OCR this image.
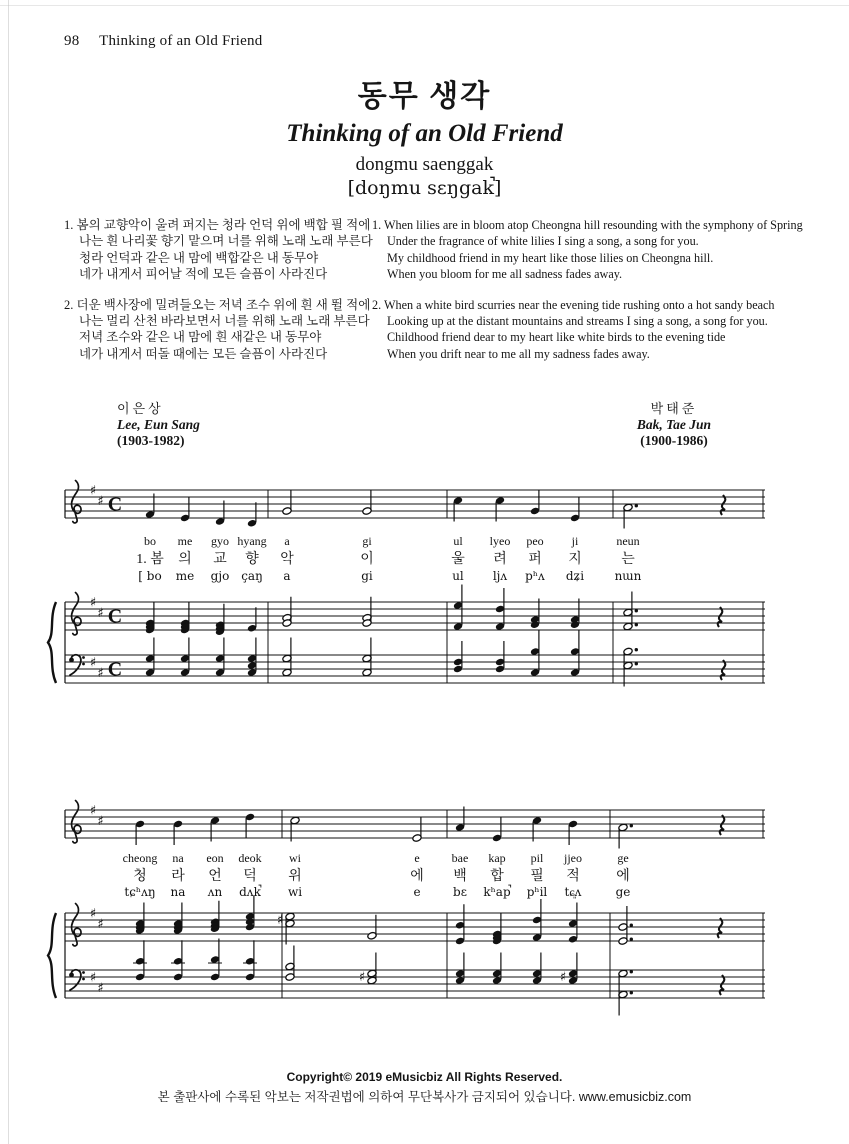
98 Thinking of an Old Friend
동무 생각
Thinking of an Old Friend
dongmu saenggak
[doŋmu sɛŋgak̚]
1. 봄의 교향악이 울려 퍼지는 청라 언덕 위에 백합 필 적에
나는 흰 나리꽃 향기 맡으며 너를 위해 노래 노래 부른다
청라 언덕과 같은 내 맘에 백합같은 내 동무야
네가 내게서 피어날 적에 모든 슬픔이 사라진다
2. 더운 백사장에 밀려들오는 저녁 조수 위에 흰 새 뛸 적에
나는 멀리 산천 바라보면서 너를 위해 노래 노래 부른다
저녁 조수와 같은 내 맘에 흰 새같은 내 동무야
네가 내게서 떠돌 때에는 모든 슬픔이 사라진다
1. When lilies are in bloom atop Cheongna hill resounding with the symphony of Spring
Under the fragrance of white lilies I sing a song, a song for you.
My childhood friend in my heart like those lilies on Cheongna hill.
When you bloom for me all sadness fades away.
2. When a white bird scurries near the evening tide rushing onto a hot sandy beach
Looking up at the distant mountains and streams I sing a song, a song for you.
Childhood friend dear to my heart like white birds to the evening tide
When you drift near to me all my sadness fades away.
이은상
Lee, Eun Sang
(1903-1982)
박태준
Bak, Tae Jun
(1900-1986)
♯
♯ C
bo me gyo hyang a	gi	ul lyeo peo ji	neun
1. 봄 의 교 향 악	이	울 려 퍼 지	는
[ bo me gjo çaŋ a	gi	ul ljʌ pʰʌ dʑi	nɯn
♯
♯ C
♯
♯ C
♯
♯
cheong na eon deok wi	e	bae kap pil jjeo	ge
청 라 언 덕 위	에 백 합 필 적	에
tɕʰʌŋ na ʌn dʌk̚ wi	e	bɛ kʰap̚ pʰil tɕ͈ʌ	ge
♯
♯
♯
♯
♯
♯	♯
Copyright© 2019 eMusicbiz All Rights Reserved.
본 출판사에 수록된 악보는 저작권법에 의하여 무단복사가 금지되어 있습니다. www.emusicbiz.com
